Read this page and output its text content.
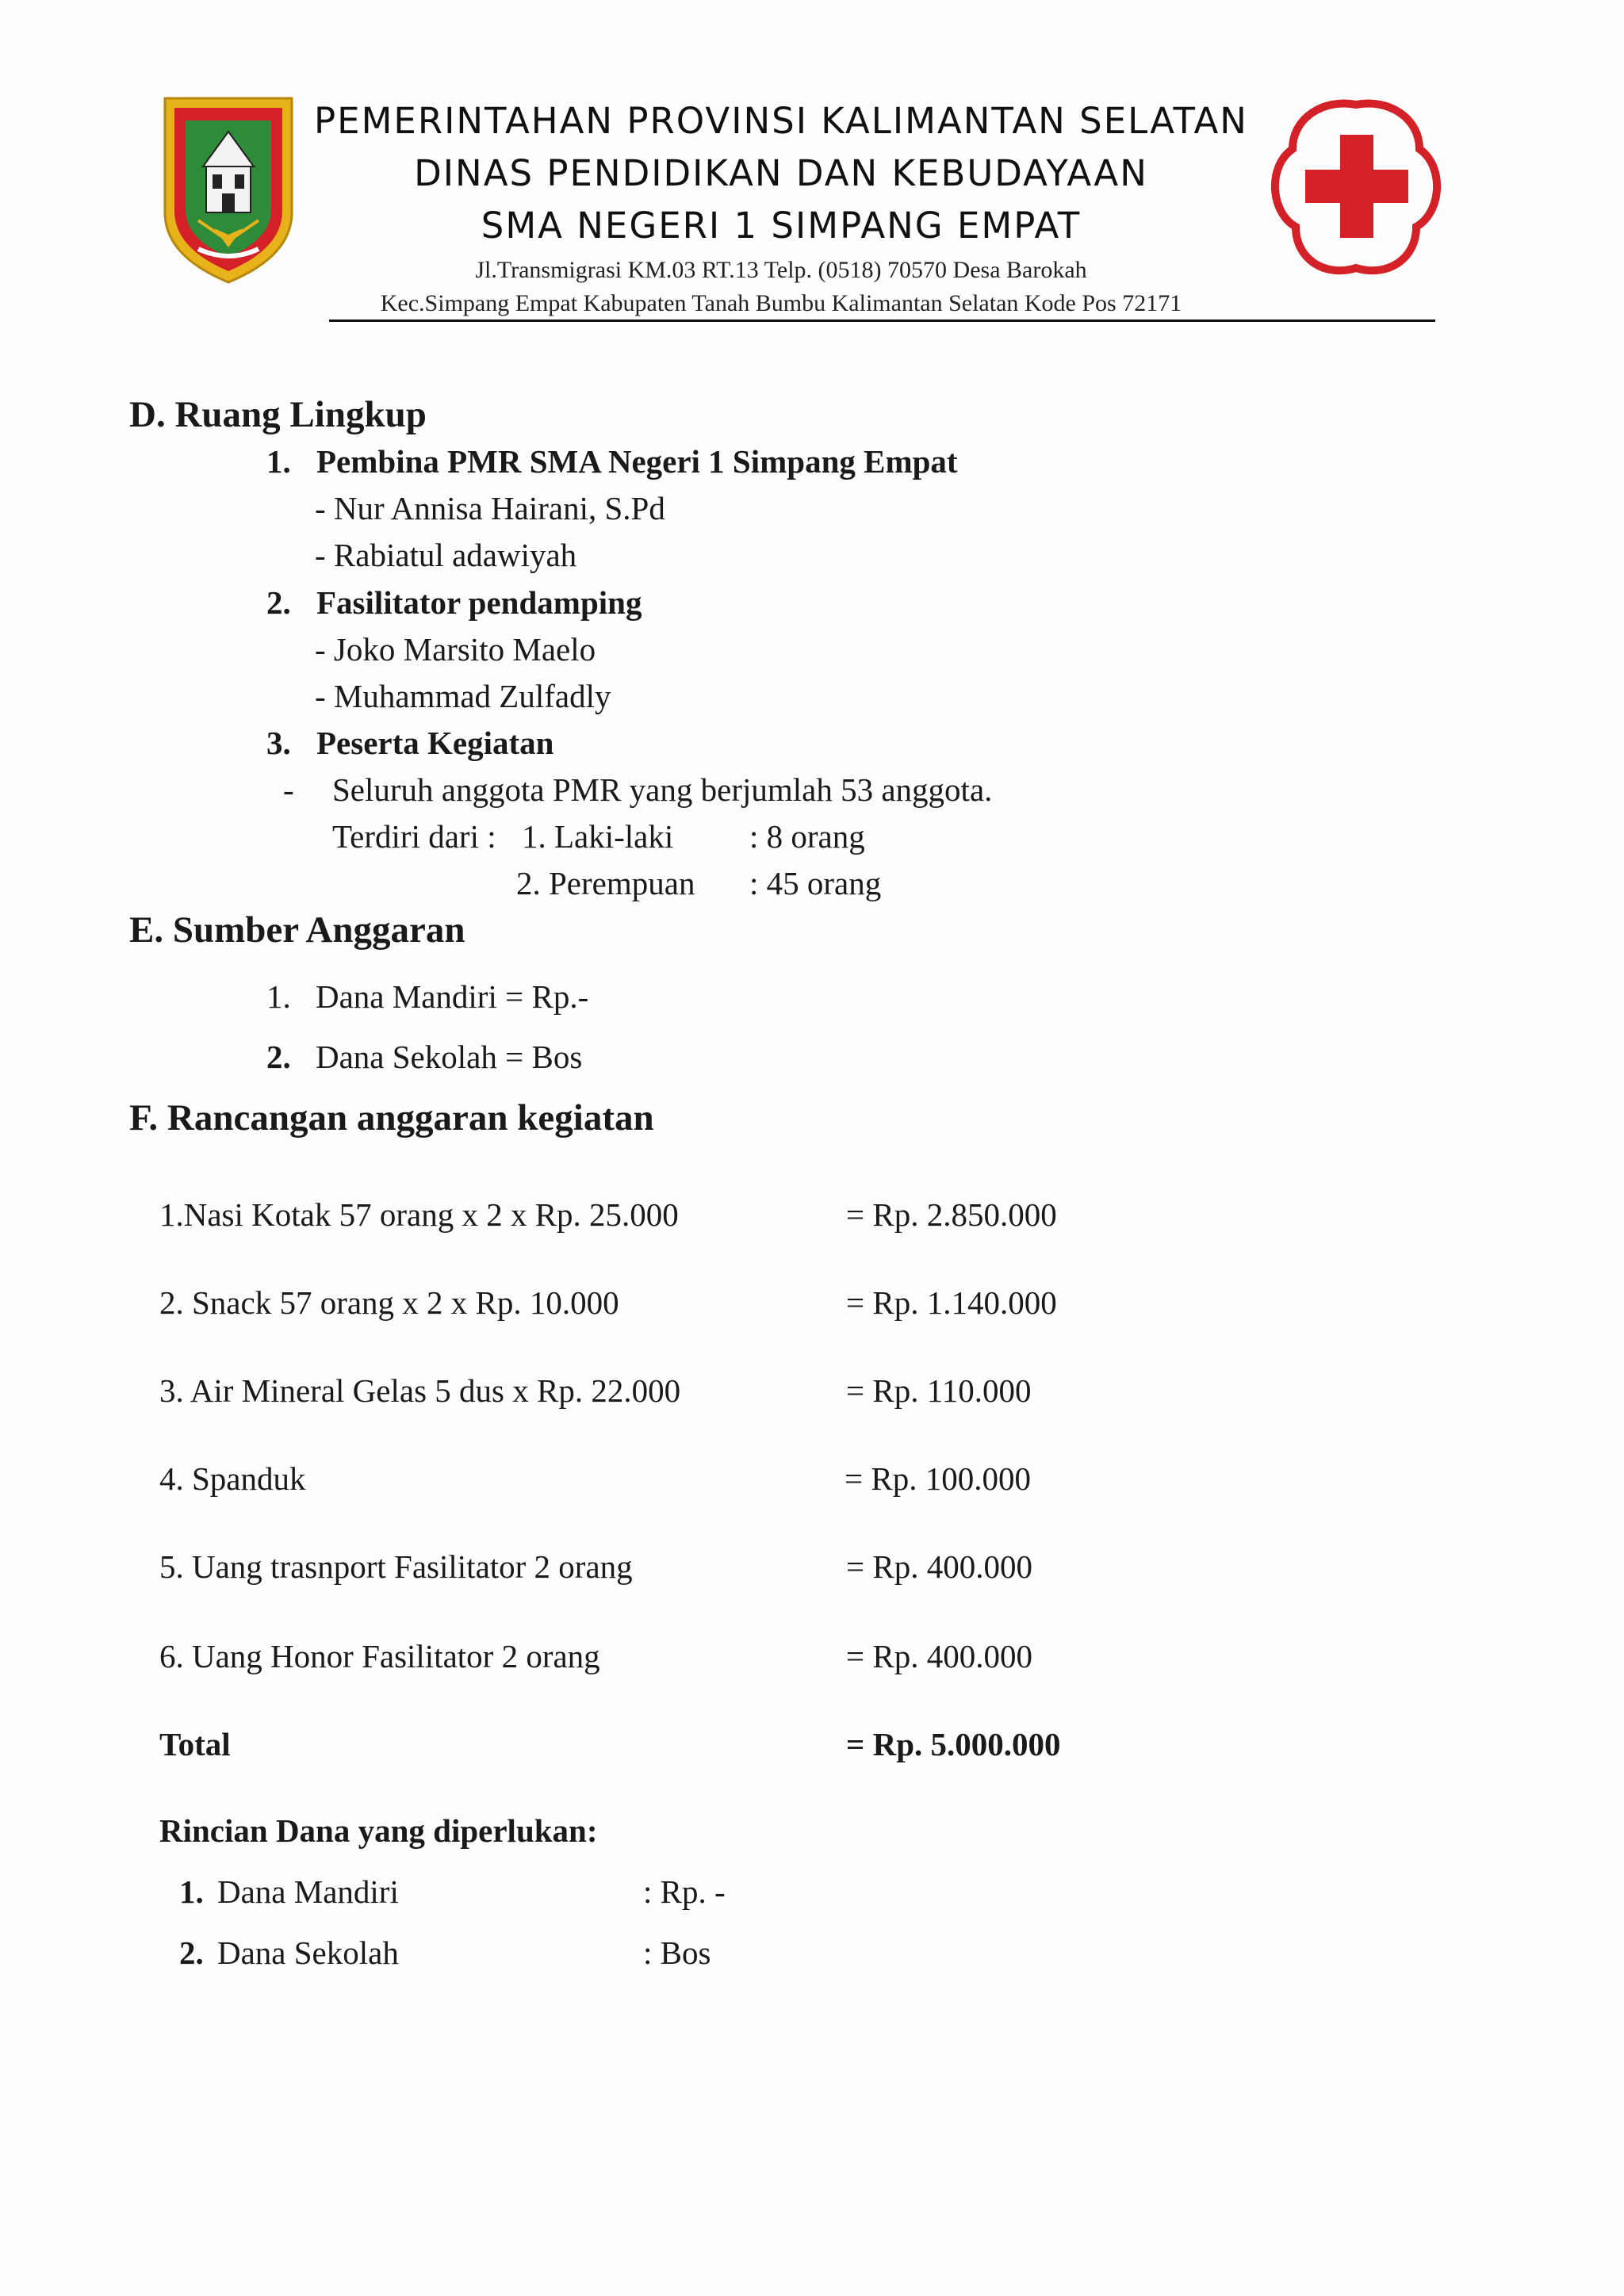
PEMERINTAHAN PROVINSI KALIMANTAN SELATAN
DINAS PENDIDIKAN DAN KEBUDAYAAN
SMA NEGERI 1 SIMPANG EMPAT
Jl.Transmigrasi KM.03 RT.13 Telp. (0518) 70570 Desa Barokah
Kec.Simpang Empat Kabupaten Tanah Bumbu Kalimantan Selatan Kode Pos 72171
D. Ruang Lingkup
1. Pembina PMR SMA Negeri 1 Simpang Empat
- Nur Annisa Hairani, S.Pd
- Rabiatul adawiyah
2. Fasilitator pendamping
- Joko Marsito Maelo
- Muhammad Zulfadly
3. Peserta Kegiatan
- Seluruh anggota PMR yang berjumlah 53 anggota.
Terdiri dari : 1. Laki-laki : 8 orang
2. Perempuan : 45 orang
E. Sumber Anggaran
1. Dana Mandiri = Rp.-
2. Dana Sekolah = Bos
F. Rancangan anggaran kegiatan
1.Nasi Kotak 57 orang x 2 x Rp. 25.000	= Rp. 2.850.000
2. Snack 57 orang x 2 x Rp. 10.000	= Rp. 1.140.000
3. Air Mineral Gelas 5 dus x Rp. 22.000	= Rp. 110.000
4. Spanduk	= Rp. 100.000
5. Uang trasnport Fasilitator 2 orang	= Rp. 400.000
6. Uang Honor Fasilitator 2 orang	= Rp. 400.000
Total	= Rp. 5.000.000
Rincian Dana yang diperlukan:
1. Dana Mandiri	: Rp. -
2. Dana Sekolah	: Bos
